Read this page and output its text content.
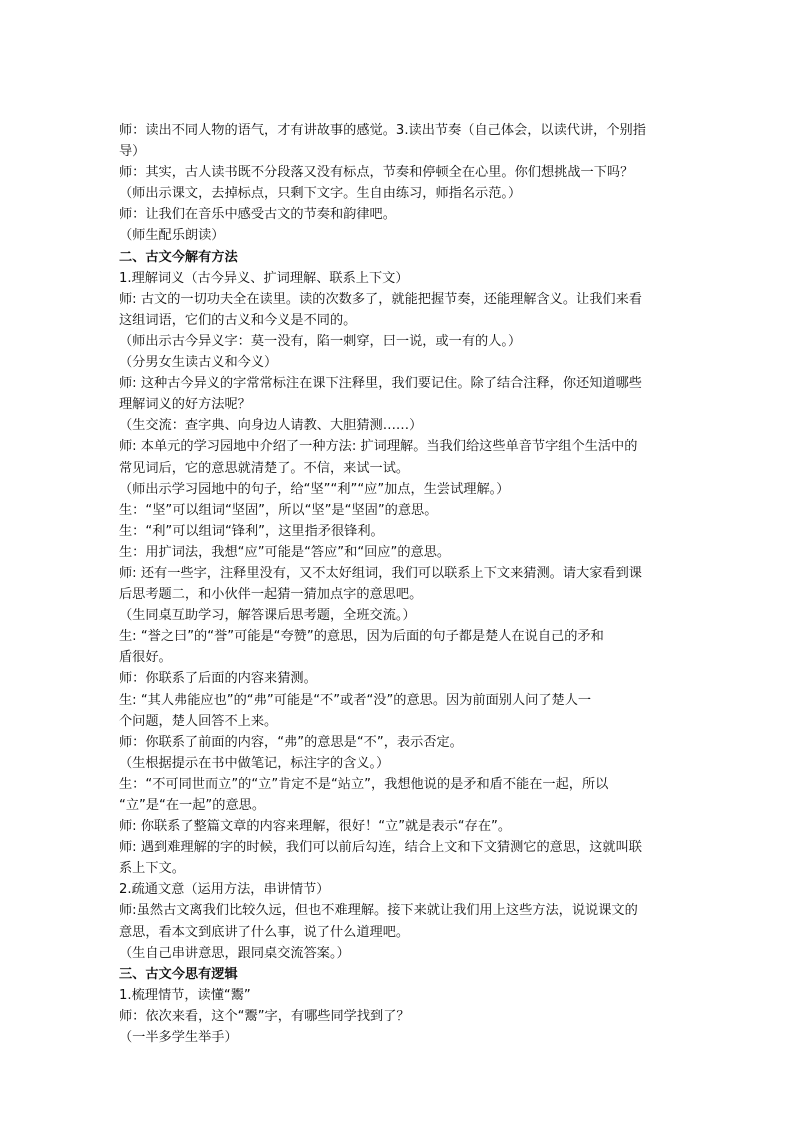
师：读出不同人物的语气，才有讲故事的感觉。3.读出节奏（自己体会，以读代讲，个别指
导）
师：其实，古人读书既不分段落又没有标点，节奏和停顿全在心里。你们想挑战一下吗？
（师出示课文，去掉标点，只剩下文字。生自由练习，师指名示范。）
师：让我们在音乐中感受古文的节奏和韵律吧。
（师生配乐朗读）
二、古文今解有方法
1.理解词义（古今异义、扩词理解、联系上下文）
师: 古文的一切功夫全在读里。读的次数多了，就能把握节奏，还能理解含义。让我们来看
这组词语，它们的古义和今义是不同的。
（师出示古今异义字：莫一没有，陷一刺穿，曰一说，或一有的人。）
（分男女生读古义和今义）
师: 这种古今异义的字常常标注在课下注释里，我们要记住。除了结合注释，你还知道哪些
理解词义的好方法呢？
（生交流：查字典、向身边人请教、大胆猜测……）
师: 本单元的学习园地中介绍了一种方法: 扩词理解。当我们给这些单音节字组个生活中的
常见词后，它的意思就清楚了。不信，来试一试。
（师出示学习园地中的句子，给“坚”“利”“应”加点，生尝试理解。）
生：“坚”可以组词“坚固”，所以“坚”是“坚固”的意思。
生：“利”可以组词“锋利”，这里指矛很锋利。
生：用扩词法，我想“应”可能是“答应”和“回应”的意思。
师: 还有一些字，注释里没有，又不太好组词，我们可以联系上下文来猜测。请大家看到课
后思考题二，和小伙伴一起猜一猜加点字的意思吧。
（生同桌互助学习，解答课后思考题，全班交流。）
生: “誉之曰”的“誉”可能是“夸赞”的意思，因为后面的句子都是楚人在说自己的矛和
盾很好。
师：你联系了后面的内容来猜测。
生: “其人弗能应也”的“弗”可能是“不”或者“没”的意思。因为前面别人问了楚人一
个问题，楚人回答不上来。
师：你联系了前面的内容，“弗”的意思是“不”，表示否定。
（生根据提示在书中做笔记，标注字的含义。）
生：“不可同世而立”的“立”肯定不是“站立”，我想他说的是矛和盾不能在一起，所以
“立”是“在一起”的意思。
师: 你联系了整篇文章的内容来理解，很好！“立”就是表示“存在”。
师: 遇到难理解的字的时候，我们可以前后勾连，结合上文和下文猜测它的意思，这就叫联
系上下文。
2.疏通文意（运用方法，串讲情节）
师:虽然古文离我们比较久远，但也不难理解。接下来就让我们用上这些方法，说说课文的
意思，看本文到底讲了什么事，说了什么道理吧。
（生自己串讲意思，跟同桌交流答案。）
三、古文今思有逻辑
1.梳理情节，读懂“鬻”
师：依次来看，这个“鬻”字，有哪些同学找到了？
（一半多学生举手）
